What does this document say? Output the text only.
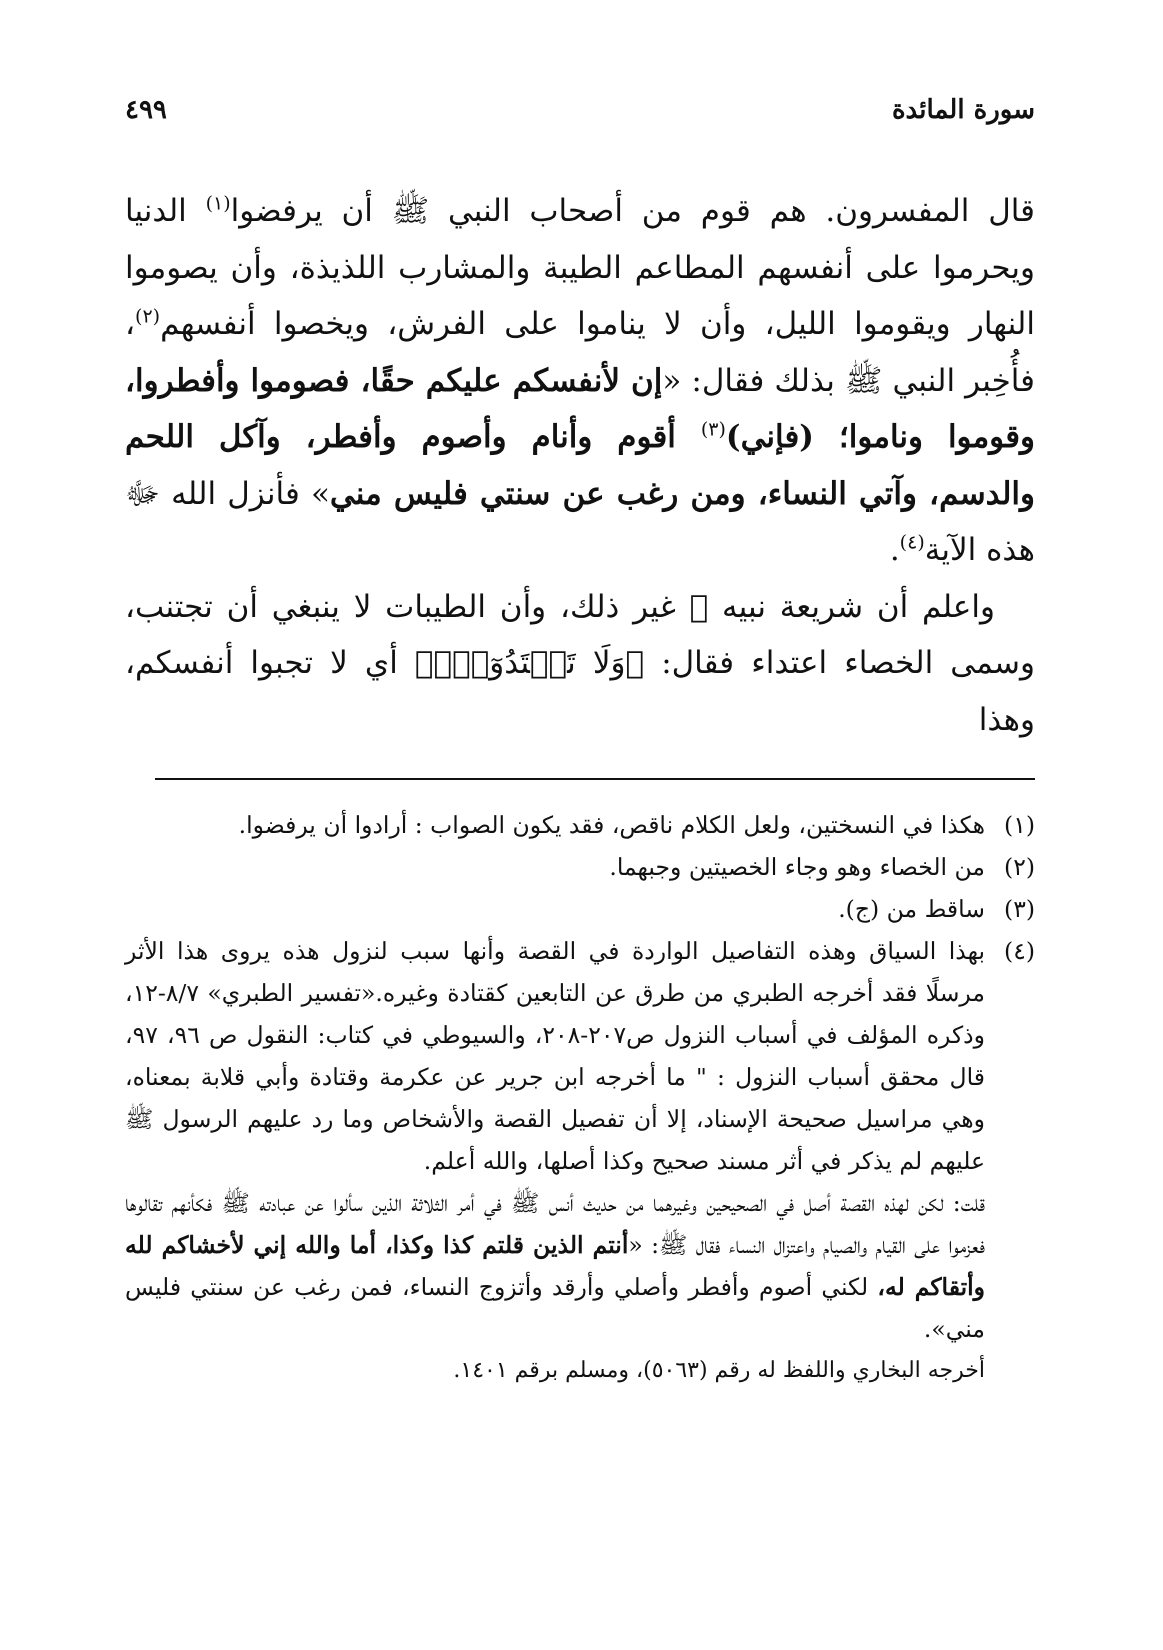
سورة المائدة
٤٩٩

قال المفسرون. هم قوم من أصحاب النبي ﷺ أن يرفضوا$^{(١)}$ الدنيا ويحرموا على أنفسهم المطاعم الطيبة والمشارب اللذيذة، وأن يصوموا النهار ويقوموا الليل، وأن لا يناموا على الفرش، ويخصوا أنفسهم$^{(٢)}$، فأُخِبر النبي ﷺ بذلك فقال: «إن لأنفسكم عليكم حقًا، فصوموا وأفطروا، وقوموا وناموا؛ (فإني)$^{(٣)}$ أقوم وأنام وأصوم وأفطر، وآكل اللحم والدسم، وآتي النساء، ومن رغب عن سنتي فليس مني» فأنزل الله ﷻ هذه الآية$^{(٤)}$.

واعلم أن شريعة نبيه ﷺ غير ذلك، وأن الطيبات لا ينبغي أن تجتنب، وسمى الخصاء اعتداء فقال: ﴿وَلَا تَعۡتَدُوٓاْۚ﴾ أي لا تجبوا أنفسكم، وهذا

(١)
هكذا في النسختين، ولعل الكلام ناقص، فقد يكون الصواب : أرادوا أن يرفضوا.
(٢)
من الخصاء وهو وجاء الخصيتين وجبهما.
(٣)
ساقط من (ج).
(٤)

بهذا السياق وهذه التفاصيل الواردة في القصة وأنها سبب لنزول هذه يروى هذا الأثر مرسلًا فقد أخرجه الطبري من طرق عن التابعين كقتادة وغيره.«تفسير الطبري» ٨/٧-١٢، وذكره المؤلف في أسباب النزول ص٢٠٧-٢٠٨، والسيوطي في كتاب: النقول ص ٩٦، ٩٧، قال محقق أسباب النزول : " ما أخرجه ابن جرير عن عكرمة وقتادة وأبي قلابة بمعناه، وهي مراسيل صحيحة الإسناد، إلا أن تفصيل القصة والأشخاص وما رد عليهم الرسول ﷺ عليهم لم يذكر في أثر مسند صحيح وكذا أصلها، والله أعلم.

قلت: لكن لهذه القصة أصل في الصحيحين وغيرهما من حديث أنس ﷺ في أمر الثلاثة الذين سألوا عن عبادته ﷺ فكأنهم تقالوها فعزموا على القيام والصيام واعتزال النساء فقال ﷺ: «أنتم الذين قلتم كذا وكذا، أما والله إني لأخشاكم لله وأتقاكم له، لكني أصوم وأفطر وأصلي وأرقد وأتزوج النساء، فمن رغب عن سنتي فليس مني».

أخرجه البخاري واللفظ له رقم (٥٠٦٣)، ومسلم برقم ١٤٠١.
